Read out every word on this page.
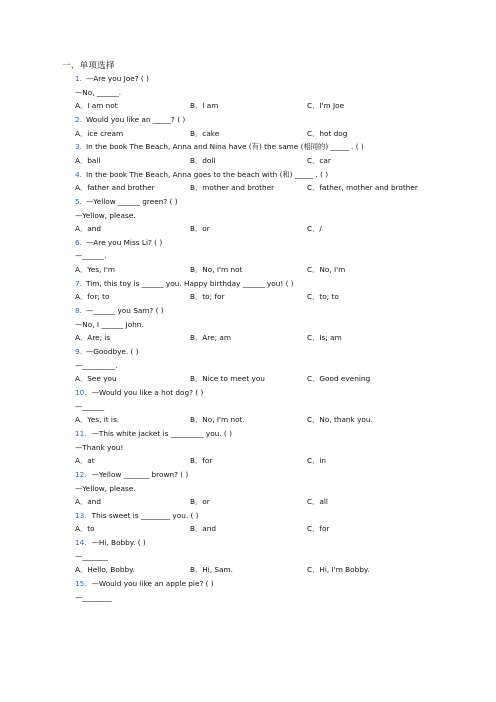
一、单项选择
1. —Are you Joe? ( )
—No, ______.
A．I am not	B．I am	C．I'm Joe
2. Would you like an _____? ( )
A．ice cream	B．cake	C．hot dog
3. In the book The Beach, Anna and Nina have (有) the same (相同的) _____ . ( )
A．ball	B．doll	C．car
4. In the book The Beach, Anna goes to the beach with (和) _____ . ( )
A．father and brother	B．mother and brother	C．father, mother and brother
5. —Yellow ______ green? ( )
—Yellow, please.
A．and	B．or	C．/
6. —Are you Miss Li? ( )
—______.
A．Yes, I'm	B．No, I'm not	C．No, I'm
7. Tim, this toy is ______ you. Happy birthday ______ you! ( )
A．for; to	B．to; for	C．to; to
8. —______ you Sam? ( )
—No, I ______ John.
A．Are; is	B．Are; am	C．Is; am
9. —Goodbye. ( )
—_________.
A．See you	B．Nice to meet you	C．Good evening
10. —Would you like a hot dog? ( )
—______
A．Yes, it is.	B．No, I'm not.	C．No, thank you.
11. —This white jacket is _________ you. ( )
—Thank you!
A．at	B．for	C．in
12. —Yellow _______ brown? ( )
—Yellow, please.
A．and	B．or	C．all
13. This sweet is ________ you. ( )
A．to	B．and	C．for
14. —Hi, Bobby. ( )
—_______
A．Hello, Bobby.	B．Hi, Sam.	C．Hi, I'm Bobby.
15. —Would you like an apple pie? ( )
—________
